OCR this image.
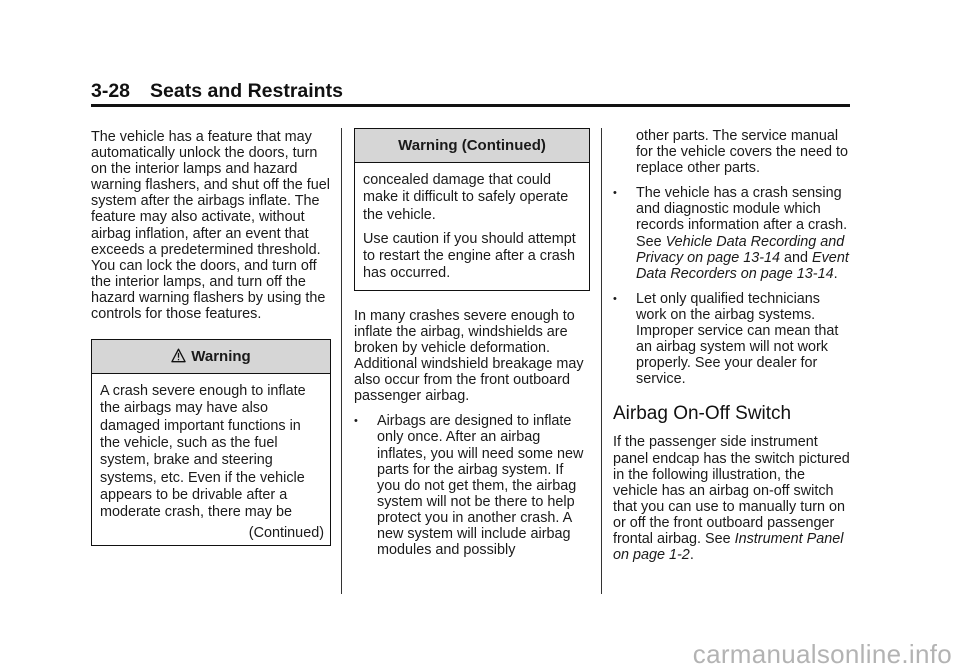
3-28 Seats and Restraints

The vehicle has a feature that may automatically unlock the doors, turn on the interior lamps and hazard warning flashers, and shut off the fuel system after the airbags inflate. The feature may also activate, without airbag inflation, after an event that exceeds a predetermined threshold. You can lock the doors, and turn off the interior lamps, and turn off the hazard warning flashers by using the controls for those features.

Warning

A crash severe enough to inflate the airbags may have also damaged important functions in the vehicle, such as the fuel system, brake and steering systems, etc. Even if the vehicle appears to be drivable after a moderate crash, there may be

(Continued)
Warning (Continued)

concealed damage that could make it difficult to safely operate the vehicle.

Use caution if you should attempt to restart the engine after a crash has occurred.

In many crashes severe enough to inflate the airbag, windshields are broken by vehicle deformation. Additional windshield breakage may also occur from the front outboard passenger airbag.

• Airbags are designed to inflate only once. After an airbag inflates, you will need some new parts for the airbag system. If you do not get them, the airbag system will not be there to help protect you in another crash. A new system will include airbag modules and possibly
other parts. The service manual for the vehicle covers the need to replace other parts.
• The vehicle has a crash sensing and diagnostic module which records information after a crash. See Vehicle Data Recording and Privacy on page 13-14 and Event Data Recorders on page 13-14.
• Let only qualified technicians work on the airbag systems. Improper service can mean that an airbag system will not work properly. See your dealer for service.
Airbag On-Off Switch

If the passenger side instrument panel endcap has the switch pictured in the following illustration, the vehicle has an airbag on-off switch that you can use to manually turn on or off the front outboard passenger frontal airbag. See Instrument Panel on page 1-2.

carmanualsonline.info
